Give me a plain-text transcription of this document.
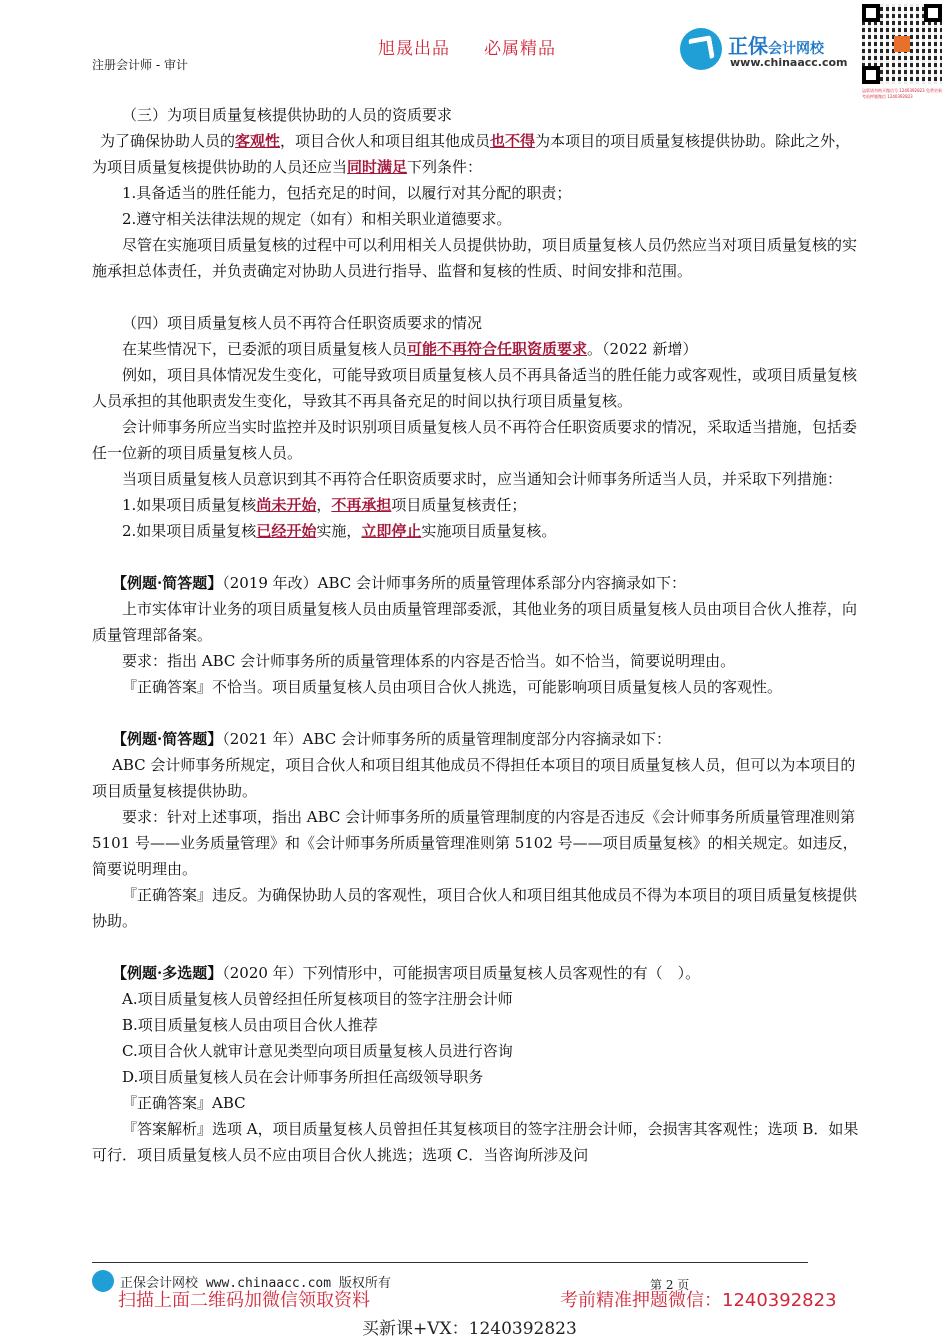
旭晟出品 必属精品
注册会计师 - 审计
正保会计网校
www.chinaacc.com
盗版请勿购买微信号 1240392823 免费更新 考前押题微信 1240392823

（三）为项目质量复核提供协助的人员的资质要求

为了确保协助人员的客观性，项目合伙人和项目组其他成员也不得为本项目的项目质量复核提供协助。除此之外，为项目质量复核提供协助的人员还应当同时满足下列条件：

1.具备适当的胜任能力，包括充足的时间，以履行对其分配的职责；

2.遵守相关法律法规的规定（如有）和相关职业道德要求。

尽管在实施项目质量复核的过程中可以利用相关人员提供协助，项目质量复核人员仍然应当对项目质量复核的实施承担总体责任，并负责确定对协助人员进行指导、监督和复核的性质、时间安排和范围。

（四）项目质量复核人员不再符合任职资质要求的情况

在某些情况下，已委派的项目质量复核人员可能不再符合任职资质要求。（2022 新增）

例如，项目具体情况发生变化，可能导致项目质量复核人员不再具备适当的胜任能力或客观性，或项目质量复核人员承担的其他职责发生变化，导致其不再具备充足的时间以执行项目质量复核。

会计师事务所应当实时监控并及时识别项目质量复核人员不再符合任职资质要求的情况，采取适当措施，包括委任一位新的项目质量复核人员。

当项目质量复核人员意识到其不再符合任职资质要求时，应当通知会计师事务所适当人员，并采取下列措施：

1.如果项目质量复核尚未开始，不再承担项目质量复核责任；

2.如果项目质量复核已经开始实施，立即停止实施项目质量复核。

【例题·简答题】（2019 年改）ABC 会计师事务所的质量管理体系部分内容摘录如下：

上市实体审计业务的项目质量复核人员由质量管理部委派，其他业务的项目质量复核人员由项目合伙人推荐，向质量管理部备案。

要求：指出 ABC 会计师事务所的质量管理体系的内容是否恰当。如不恰当，简要说明理由。

『正确答案』不恰当。项目质量复核人员由项目合伙人挑选，可能影响项目质量复核人员的客观性。

【例题·简答题】（2021 年）ABC 会计师事务所的质量管理制度部分内容摘录如下：

ABC 会计师事务所规定，项目合伙人和项目组其他成员不得担任本项目的项目质量复核人员，但可以为本项目的项目质量复核提供协助。

要求：针对上述事项，指出 ABC 会计师事务所的质量管理制度的内容是否违反《会计师事务所质量管理准则第 5101 号——业务质量管理》和《会计师事务所质量管理准则第 5102 号——项目质量复核》的相关规定。如违反，简要说明理由。

『正确答案』违反。为确保协助人员的客观性，项目合伙人和项目组其他成员不得为本项目的项目质量复核提供协助。

【例题·多选题】（2020 年）下列情形中，可能损害项目质量复核人员客观性的有（　）。

A.项目质量复核人员曾经担任所复核项目的签字注册会计师

B.项目质量复核人员由项目合伙人推荐

C.项目合伙人就审计意见类型向项目质量复核人员进行咨询

D.项目质量复核人员在会计师事务所担任高级领导职务

『正确答案』ABC

『答案解析』选项 A，项目质量复核人员曾担任其复核项目的签字注册会计师，会损害其客观性；选项 B．如果可行．项目质量复核人员不应由项目合伙人挑选；选项 C．当咨询所涉及问

正保会计网校 www.chinaacc.com 版权所有	第 2 页
扫描上面二维码加微信领取资料	考前精准押题微信：1240392823
买新课+VX：1240392823
